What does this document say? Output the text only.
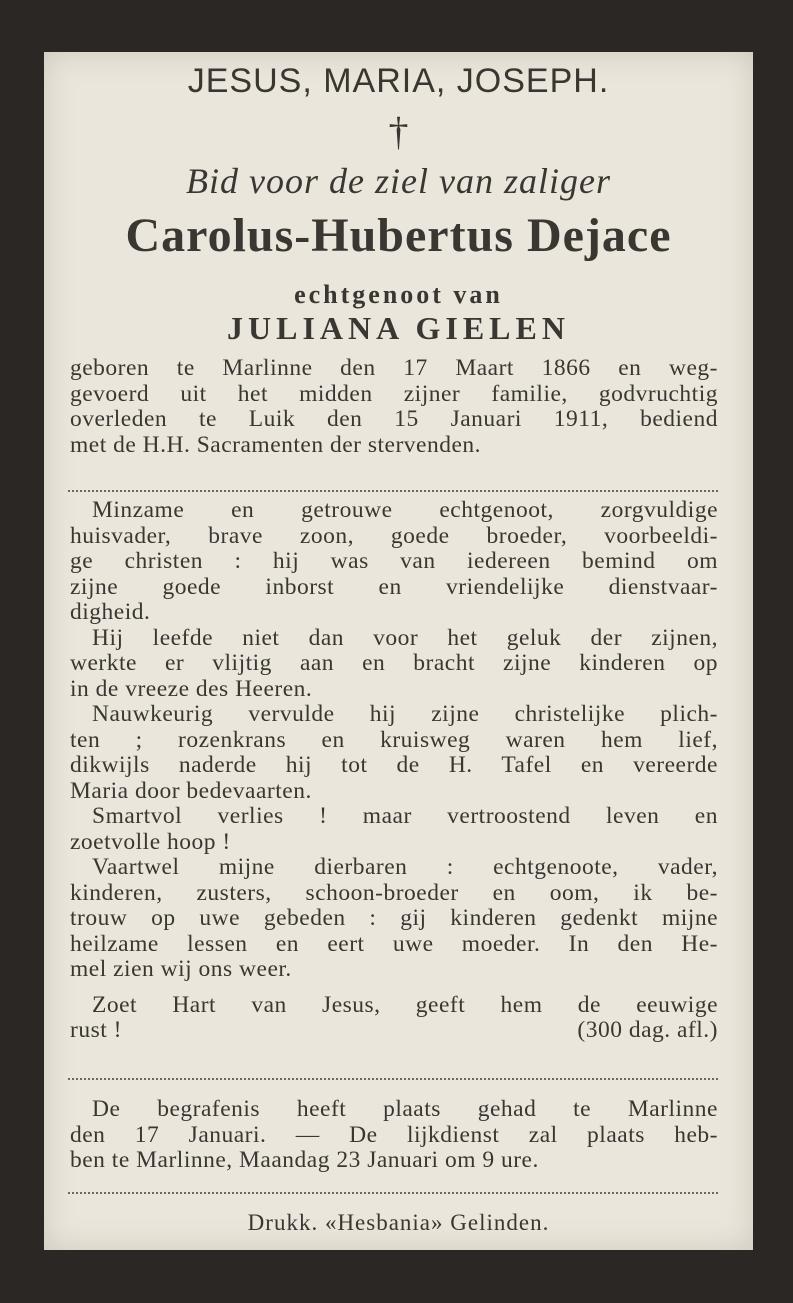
JESUS, MARIA, JOSEPH.
†
Bid voor de ziel van zaliger
Carolus-Hubertus Dejace
echtgenoot van
JULIANA GIELEN
geboren te Marlinne den 17 Maart 1866 en weg-
gevoerd uit het midden zijner familie, godvruchtig
overleden te Luik den 15 Januari 1911, bediend
met de H.H. Sacramenten der stervenden.
Minzame en getrouwe echtgenoot, zorgvuldige
huisvader, brave zoon, goede broeder, voorbeeldi-
ge christen : hij was van iedereen bemind om
zijne goede inborst en vriendelijke dienstvaar-
digheid.
Hij leefde niet dan voor het geluk der zijnen,
werkte er vlijtig aan en bracht zijne kinderen op
in de vreeze des Heeren.
Nauwkeurig vervulde hij zijne christelijke plich-
ten ; rozenkrans en kruisweg waren hem lief,
dikwijls naderde hij tot de H. Tafel en vereerde
Maria door bedevaarten.
Smartvol verlies ! maar vertroostend leven en
zoetvolle hoop !
Vaartwel mijne dierbaren : echtgenoote, vader,
kinderen, zusters, schoon-broeder en oom, ik be-
trouw op uwe gebeden : gij kinderen gedenkt mijne
heilzame lessen en eert uwe moeder. In den He-
mel zien wij ons weer.
Zoet Hart van Jesus, geeft hem de eeuwige
rust !	(300 dag. afl.)
De begrafenis heeft plaats gehad te Marlinne
den 17 Januari. — De lijkdienst zal plaats heb-
ben te Marlinne, Maandag 23 Januari om 9 ure.
Drukk. «Hesbania» Gelinden.
